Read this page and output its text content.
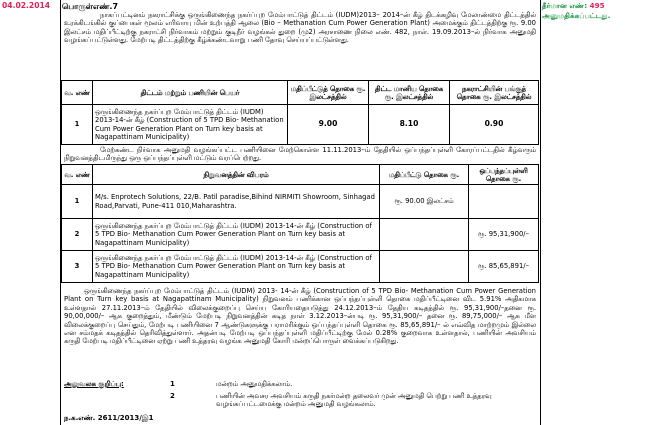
04.02.2014	தீர்மான எண்: 495
அனுமதிக்கப்பட்டது.
பொருள்எண்.7
நாகப்பட்டினம் நகராட்சிக்கு ஒருங்கிணைந்த நகர்ப்புற மேம்பாட்டுத் திட்டம் (IUDM)2013– 2014–ன் கீழ் திடக்கழிவு மேலாண்மை திட்டத்தில் உரக்கிடங்கில் குப்பைகள் மூலம் எரிவாயு மின் உற்பத்தி ஆலை (Bio – Methanation Cum Power Generation Plant) அமைக்கும் திட்டத்திற்கு ரூ. 9.00 இலட்சம் மதிப்பீட்டிற்கு நகராட்சி நிர்வாகம் மற்றும் குடிநீர் வழங்கல் துறை (மு2) அரசாணை நிலை எண். 482, நாள். 19.09.2013–ல் நிர்வாக அனுமதி வழங்கப்பட்டுள்ளது. மேற்படி திட்டத்திற்கு கீழ்க்கண்டவாறு பணி தோவு செய்யப்பட்டுள்ளது.
வ. எண்	திட்டம் மற்றும் பணியின் பெயர்	மதிப்பீட்டுத் தொகை ரூ. இலட்சத்தில்	திட்ட மானிய தொகை ரூ. இலட்சத்தில்	நகராட்சியின் பங்குத் தொகை ரூ. இலட்சத்தில்
1	ஒருங்கிணைந்த நகர்ப்புற மேம்பாட்டுத் திட்டம் (IUDM) 2013-14-ன் கீழ் (Construction of 5 TPD Bio- Methanation Cum Power Generation Plant on Turn key basis at Nagapattinam Municipality)	9.00	8.10	0.90
மேற்கண்ட நிர்வாக அனுமதி வழங்கப்பட்ட பணியினை மேற்கொள்ள 11.11.2013–ம் தேதியில் ஒப்பந்தப்புள்ளி கோரப்பட்டதில் கீழ்வரும் நிறுவனத்திடமிருந்து ஒரு ஒப்பந்தப்புள்ளி மட்டும் வரப்பெற்றது.
வ. எண்	நிறுவனத்தின் விபரம்	மதிப்பீட்டு தொகை ரூ.	ஒப்பந்தப்புள்ளி தொகை ரூ.
1	M/s. Enprotech Solutions, 22/B. Patil paradise,Bihind NIRMITI Showroom, Sinhagad Road,Parvati, Pune-411 010,Maharashtra.	ரூ. 90.00 இலட்சம்	
2	ஒருங்கிணைந்த நகர்ப்புற மேம்பாட்டுத் திட்டம் (IUDM) 2013-14-ன் கீழ் (Construction of 5 TPD Bio- Methanation Cum Power Generation Plant on Turn key basis at Nagapattinam Municipality)		ரூ. 95,31,900/–
3	ஒருங்கிணைந்த நகர்ப்புற மேம்பாட்டுத் திட்டம் (IUDM) 2013-14-ன் கீழ் (Construction of 5 TPD Bio- Methanation Cum Power Generation Plant on Turn key basis at Nagapattinam Municipality)		ரூ. 85,65,891/–
ஒருங்கிணைந்த நகர்ப்புற மேம்பாட்டுத் திட்டம் (IUDM) 2013- 14-ன் கீழ் (Construction of 5 TPD Bio- Methanation Cum Power Generation Plant on Turn key basis at Nagapattinam Municipality) நிறுவனம் பணிக்கான ஒப்பந்தப்புள்ளி தொகை மதிப்பீட்டினை விட 5.91% அதிகமாக உள்ளதால் 27.11.2013–ம் தேதியில் விலைக்குறைப்பு செய்ய கோரியதையடுத்து 24.12.2013–ம் தேதிய கடிதத்தில் ரூ. 95,31,900/–தனை ரூ. 90,00,000/– ஆக குறைத்தும், மீண்டும் மேற்படி நிறுவனத்தின் கடித நாள் 3.12.2013–ன்படி ரூ. 95,31,900/– தனை ரூ. 89,75,000/– ஆக மீள விலைக்குறைப்பு செய்தும், மேற்படி பணியினை 7 ஆண்டுகளுக்கு பராமரிக்கும் ஒப்பந்தப்புள்ளி தொகை ரூ. 85,65,891/– ல் எவ்வித மாற்றமும் இல்லை என சம்மதக் கடிதத்தில் தெரிவித்துள்ளார். அதன்படி மேற்படி ஒப்பந்தப்புள்ளி மதிப்பீட்டிற்கு மேல் 0.28% குறைவாக உள்ளதால், பணியின் அவசியம் கருதி மேற்படி மதிப்பீட்டினை ஏற்று பணி உத்தரவு வழங்க அனுமதி கோரி மன்றப்பொருள் வைக்கப்படுகிறது.
அலுவலக குறிப்பு:	1	மன்றம் அனுமதிக்கலாம்.
2	பணியின் அவசர அவசியம் கருதி நகர்மன்ற தலைவர் முன் அனுமதி பெற்று பணி உத்தரவு வழங்கப்பட்டமைக்கு மன்றம் அனுமதி வழங்கலாம்.
ந.க.எண். 2611/2013/இ1
